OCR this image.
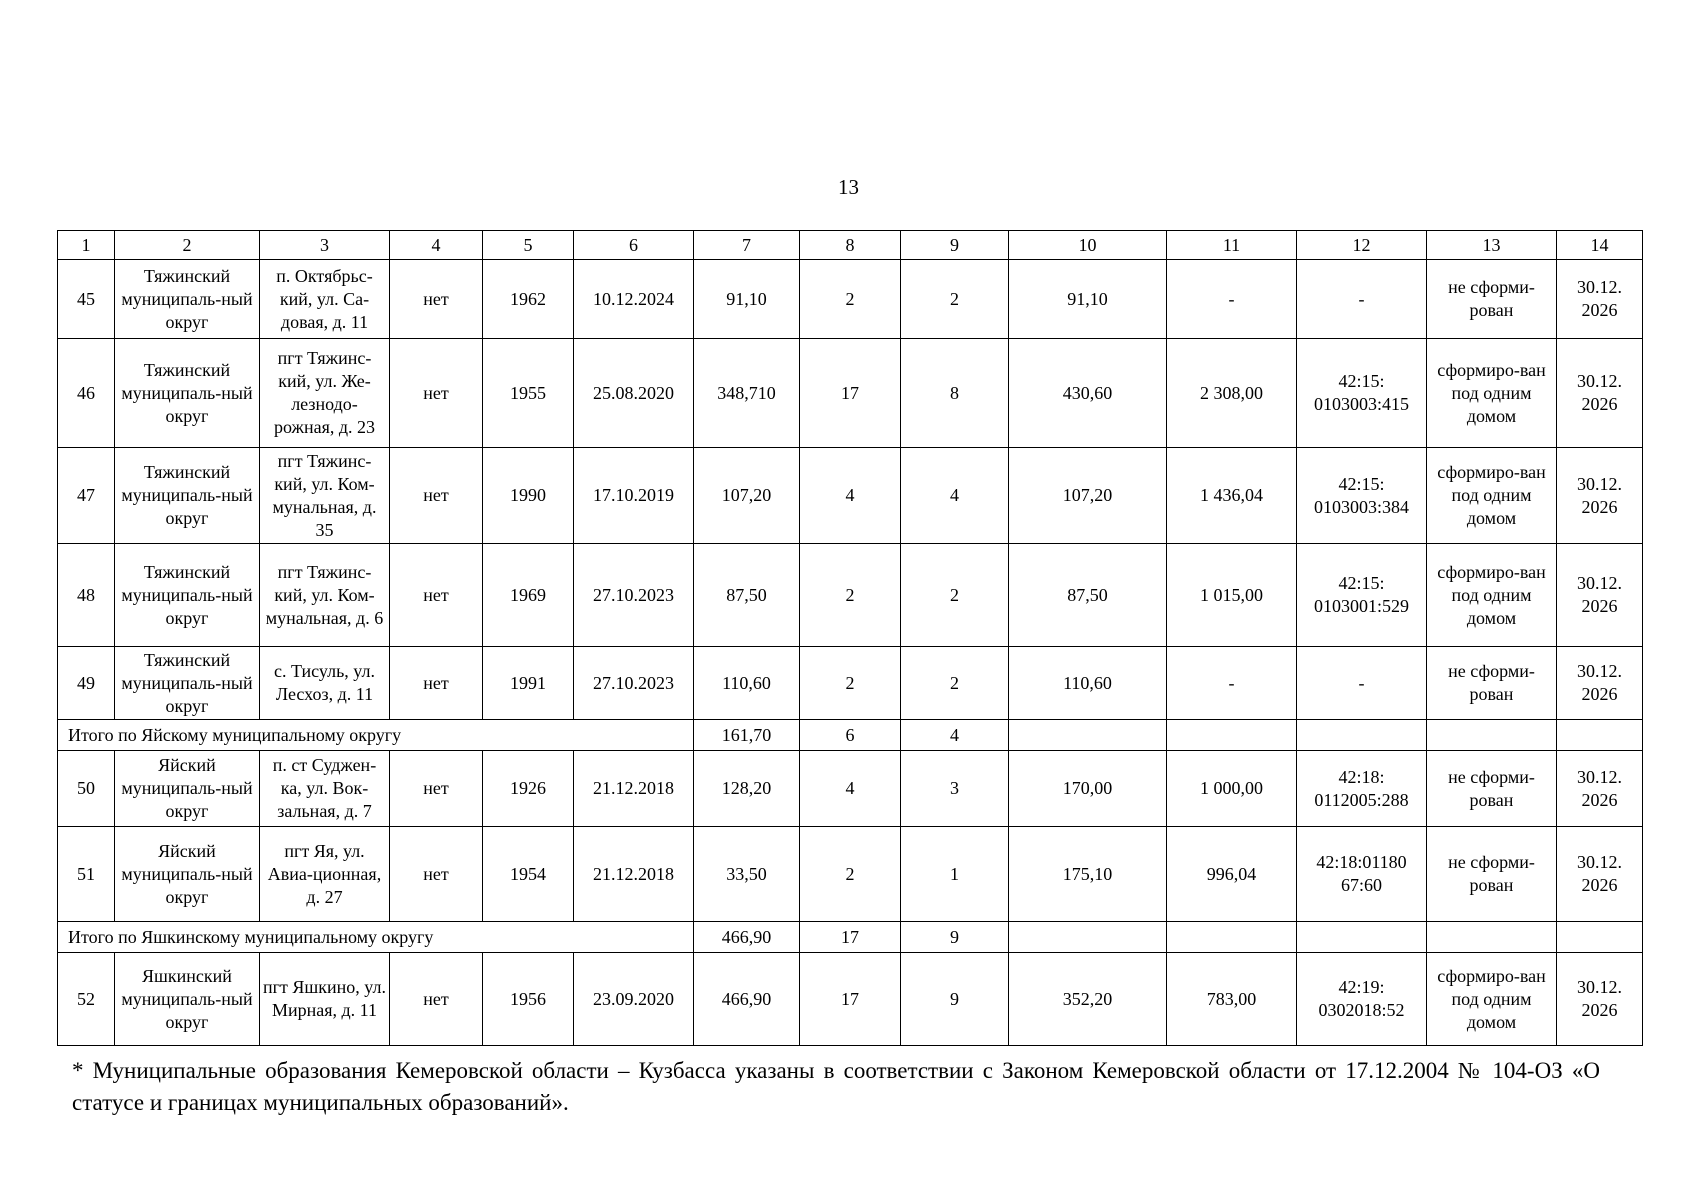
13
1	2	3	4	5	6	7	8	9	10	11	12	13	14
45	Тяжинский муниципаль-ный округ	п. Октябрьс-кий, ул. Са-довая, д. 11	нет	1962	10.12.2024	91,10	2	2	91,10	-	-	не сформи-рован	30.12. 2026
46	Тяжинский муниципаль-ный округ	пгт Тяжинс-кий, ул. Же-лезнодо-рожная, д. 23	нет	1955	25.08.2020	348,710	17	8	430,60	2 308,00	42:15: 0103003:415	сформиро-ван под одним домом	30.12. 2026
47	Тяжинский муниципаль-ный округ	пгт Тяжинс-кий, ул. Ком-мунальная, д. 35	нет	1990	17.10.2019	107,20	4	4	107,20	1 436,04	42:15: 0103003:384	сформиро-ван под одним домом	30.12. 2026
48	Тяжинский муниципаль-ный округ	пгт Тяжинс-кий, ул. Ком-мунальная, д. 6	нет	1969	27.10.2023	87,50	2	2	87,50	1 015,00	42:15: 0103001:529	сформиро-ван под одним домом	30.12. 2026
49	Тяжинский муниципаль-ный округ	с. Тисуль, ул. Лесхоз, д. 11	нет	1991	27.10.2023	110,60	2	2	110,60	-	-	не сформи-рован	30.12. 2026
Итого по Яйскому муниципальному округу						161,70	6	4					
50	Яйский муниципаль-ный округ	п. ст Суджен-ка, ул. Вок-зальная, д. 7	нет	1926	21.12.2018	128,20	4	3	170,00	1 000,00	42:18: 0112005:288	не сформи-рован	30.12. 2026
51	Яйский муниципаль-ный округ	пгт Яя, ул. Авиа-ционная, д. 27	нет	1954	21.12.2018	33,50	2	1	175,10	996,04	42:18:01180 67:60	не сформи-рован	30.12. 2026
Итого по Яшкинскому муниципальному округу						466,90	17	9					
52	Яшкинский муниципаль-ный округ	пгт Яшкино, ул. Мирная, д. 11	нет	1956	23.09.2020	466,90	17	9	352,20	783,00	42:19: 0302018:52	сформиро-ван под одним домом	30.12. 2026
* Муниципальные образования Кемеровской области – Кузбасса указаны в соответствии с Законом Кемеровской области от 17.12.2004 № 104-ОЗ «О статусе и границах муниципальных образований».
